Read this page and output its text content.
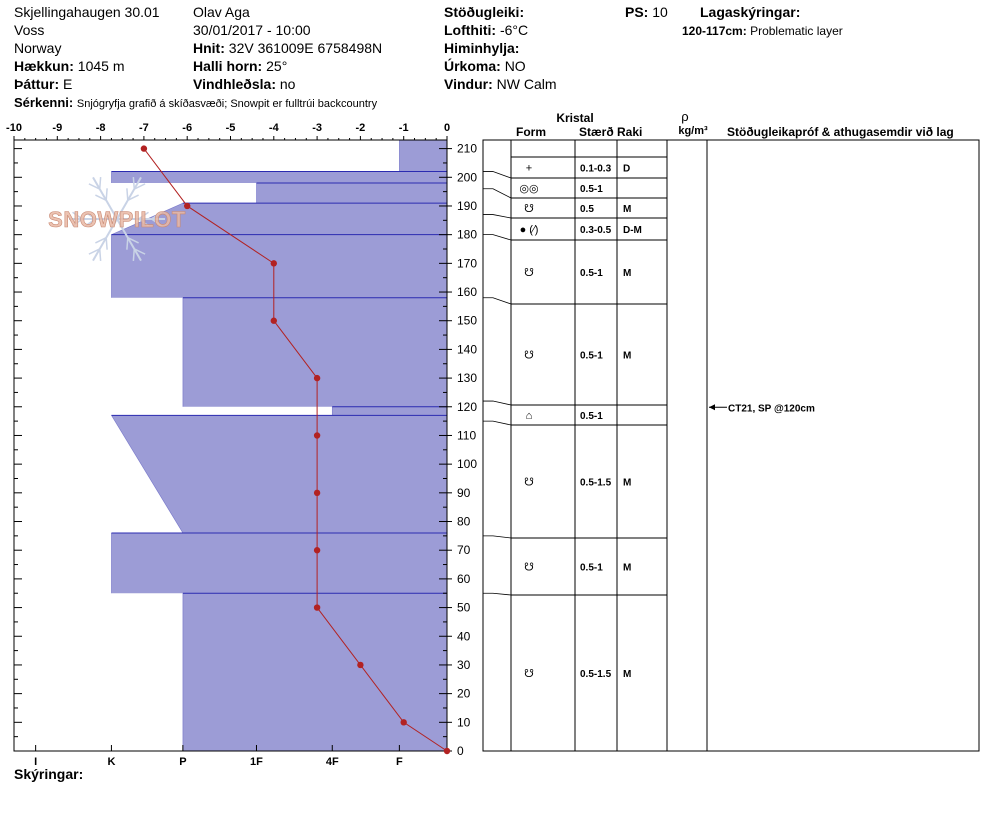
Skjellingahaugen 30.01
Voss
Norway
Hækkun: 1045 m
Þáttur: E
Olav Aga
30/01/2017 - 10:00
Hnit: 32V 361009E 6758498N
Halli horn: 25°
Vindhleðsla: no
Stöðugleiki:
Lofthiti: -6°C
Himinhylja:
Úrkoma: NO
Vindur: NW Calm
PS: 10 Lagaskýringar:
120-117cm: Problematic layer
Sérkenni: Snjógryfja grafið á skíðasvæði; Snowpit er fulltrúi backcountry
Skýringar:
-10	-9	-8	-7	-6	-5	-4	-3	-2	-1	0
0
10
20
30
40
50
60
70
80
90
100
110
120
130
140
150
160
170
180
190
200
210
I	K	P	1F	4F	F
Kristal
Form	Stærð Raki
ρ
kg/m³ Stöðugleikapróf & athugasemdir við lag
+	0.1-0.3 D
◎◎	0.5-1
☋	0.5	M
● (⁄)	0.3-0.5 D-M
☋	0.5-1 M
☋	0.5-1 M
⌂	0.5-1
☋	0.5-1.5 M
☋	0.5-1 M
☋	0.5-1.5 M
CT21, SP @120cm
SNOWPILOT
